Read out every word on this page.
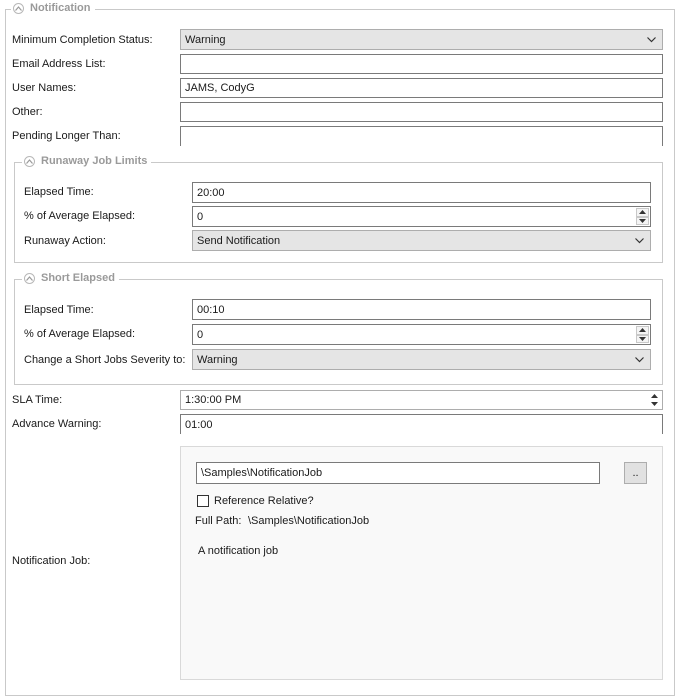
Notification
Minimum Completion Status:	Warning
Email Address List:
User Names:	JAMS, CodyG
Other:
Pending Longer Than:
Runaway Job Limits
Elapsed Time:	20:00
% of Average Elapsed:	0
Runaway Action:	Send Notification
Short Elapsed
Elapsed Time:	00:10
% of Average Elapsed:	0
Change a Short Jobs Severity to: Warning
SLA Time:	1:30:00 PM
Advance Warning:	01:00
Notification Job:
\Samples\NotificationJob	..
Reference Relative?
Full Path: \Samples\NotificationJob
A notification job
